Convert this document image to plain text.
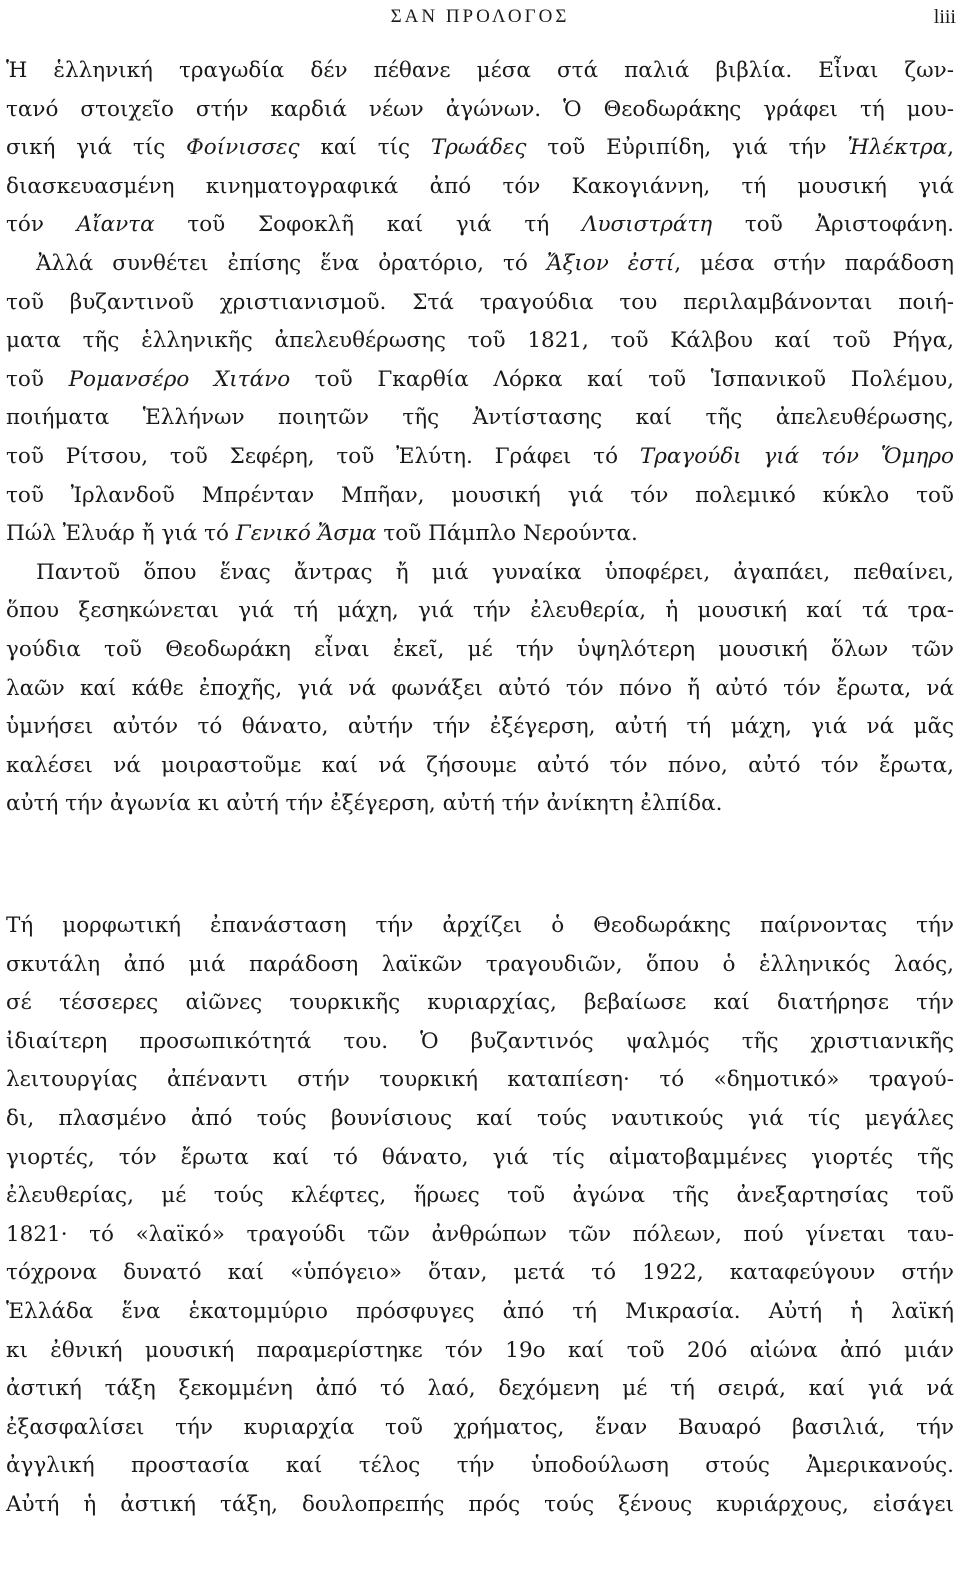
ΣΑΝ ΠΡΟΛΟΓΟΣ	liii
Ἡ ἑλληνική τραγωδία δέν πέθανε μέσα στά παλιά βιβλία. Εἶναι ζων-
τανό στοιχεῖο στήν καρδιά νέων ἀγώνων. Ὁ Θεοδωράκης γράφει τή μου-
σική γιά τίς Φοίνισσες καί τίς Τρωάδες τοῦ Εὐριπίδη, γιά τήν Ἠλέκτρα,
διασκευασμένη κινηματογραφικά ἀπό τόν Κακογιάννη, τή μουσική γιά
τόν Αἴαντα τοῦ Σοφοκλῆ καί γιά τή Λυσιστράτη τοῦ Ἀριστοφάνη.
Ἀλλά συνθέτει ἐπίσης ἕνα ὀρατόριο, τό Ἄξιον ἐστί, μέσα στήν παράδοση
τοῦ βυζαντινοῦ χριστιανισμοῦ. Στά τραγούδια του περιλαμβάνονται ποιή-
ματα τῆς ἑλληνικῆς ἀπελευθέρωσης τοῦ 1821, τοῦ Κάλβου καί τοῦ Ρήγα,
τοῦ Ρομανσέρο Χιτάνο τοῦ Γκαρθία Λόρκα καί τοῦ Ἱσπανικοῦ Πολέμου,
ποιήματα Ἑλλήνων ποιητῶν τῆς Ἀντίστασης καί τῆς ἀπελευθέρωσης,
τοῦ Ρίτσου, τοῦ Σεφέρη, τοῦ Ἐλύτη. Γράφει τό Τραγούδι γιά τόν Ὅμηρο
τοῦ Ἰρλανδοῦ Μπρένταν Μπῆαν, μουσική γιά τόν πολεμικό κύκλο τοῦ
Πώλ Ἐλυάρ ἤ γιά τό Γενικό Ἄσμα τοῦ Πάμπλο Νερούντα.
Παντοῦ ὅπου ἕνας ἄντρας ἤ μιά γυναίκα ὑποφέρει, ἀγαπάει, πεθαίνει,
ὅπου ξεσηκώνεται γιά τή μάχη, γιά τήν ἐλευθερία, ἡ μουσική καί τά τρα-
γούδια τοῦ Θεοδωράκη εἶναι ἐκεῖ, μέ τήν ὑψηλότερη μουσική ὅλων τῶν
λαῶν καί κάθε ἐποχῆς, γιά νά φωνάξει αὐτό τόν πόνο ἤ αὐτό τόν ἔρωτα, νά
ὑμνήσει αὐτόν τό θάνατο, αὐτήν τήν ἐξέγερση, αὐτή τή μάχη, γιά νά μᾶς
καλέσει νά μοιραστοῦμε καί νά ζήσουμε αὐτό τόν πόνο, αὐτό τόν ἔρωτα,
αὐτή τήν ἀγωνία κι αὐτή τήν ἐξέγερση, αὐτή τήν ἀνίκητη ἐλπίδα.
Τή μορφωτική ἐπανάσταση τήν ἀρχίζει ὁ Θεοδωράκης παίρνοντας τήν
σκυτάλη ἀπό μιά παράδοση λαϊκῶν τραγουδιῶν, ὅπου ὁ ἑλληνικός λαός,
σέ τέσσερες αἰῶνες τουρκικῆς κυριαρχίας, βεβαίωσε καί διατήρησε τήν
ἰδιαίτερη προσωπικότητά του. Ὁ βυζαντινός ψαλμός τῆς χριστιανικῆς
λειτουργίας ἀπέναντι στήν τουρκική καταπίεση· τό «δημοτικό» τραγού-
δι, πλασμένο ἀπό τούς βουνίσιους καί τούς ναυτικούς γιά τίς μεγάλες
γιορτές, τόν ἔρωτα καί τό θάνατο, γιά τίς αἱματοβαμμένες γιορτές τῆς
ἐλευθερίας, μέ τούς κλέφτες, ἥρωες τοῦ ἀγώνα τῆς ἀνεξαρτησίας τοῦ
1821· τό «λαϊκό» τραγούδι τῶν ἀνθρώπων τῶν πόλεων, πού γίνεται ταυ-
τόχρονα δυνατό καί «ὑπόγειο» ὅταν, μετά τό 1922, καταφεύγουν στήν
Ἑλλάδα ἕνα ἑκατομμύριο πρόσφυγες ἀπό τή Μικρασία. Αὐτή ἡ λαϊκή
κι ἐθνική μουσική παραμερίστηκε τόν 19ο καί τοῦ 20ό αἰώνα ἀπό μιάν
ἀστική τάξη ξεκομμένη ἀπό τό λαό, δεχόμενη μέ τή σειρά, καί γιά νά
ἐξασφαλίσει τήν κυριαρχία τοῦ χρήματος, ἕναν Βαυαρό βασιλιά, τήν
ἀγγλική προστασία καί τέλος τήν ὑποδούλωση στούς Ἀμερικανούς.
Αὐτή ἡ ἀστική τάξη, δουλοπρεπής πρός τούς ξένους κυριάρχους, εἰσάγει
